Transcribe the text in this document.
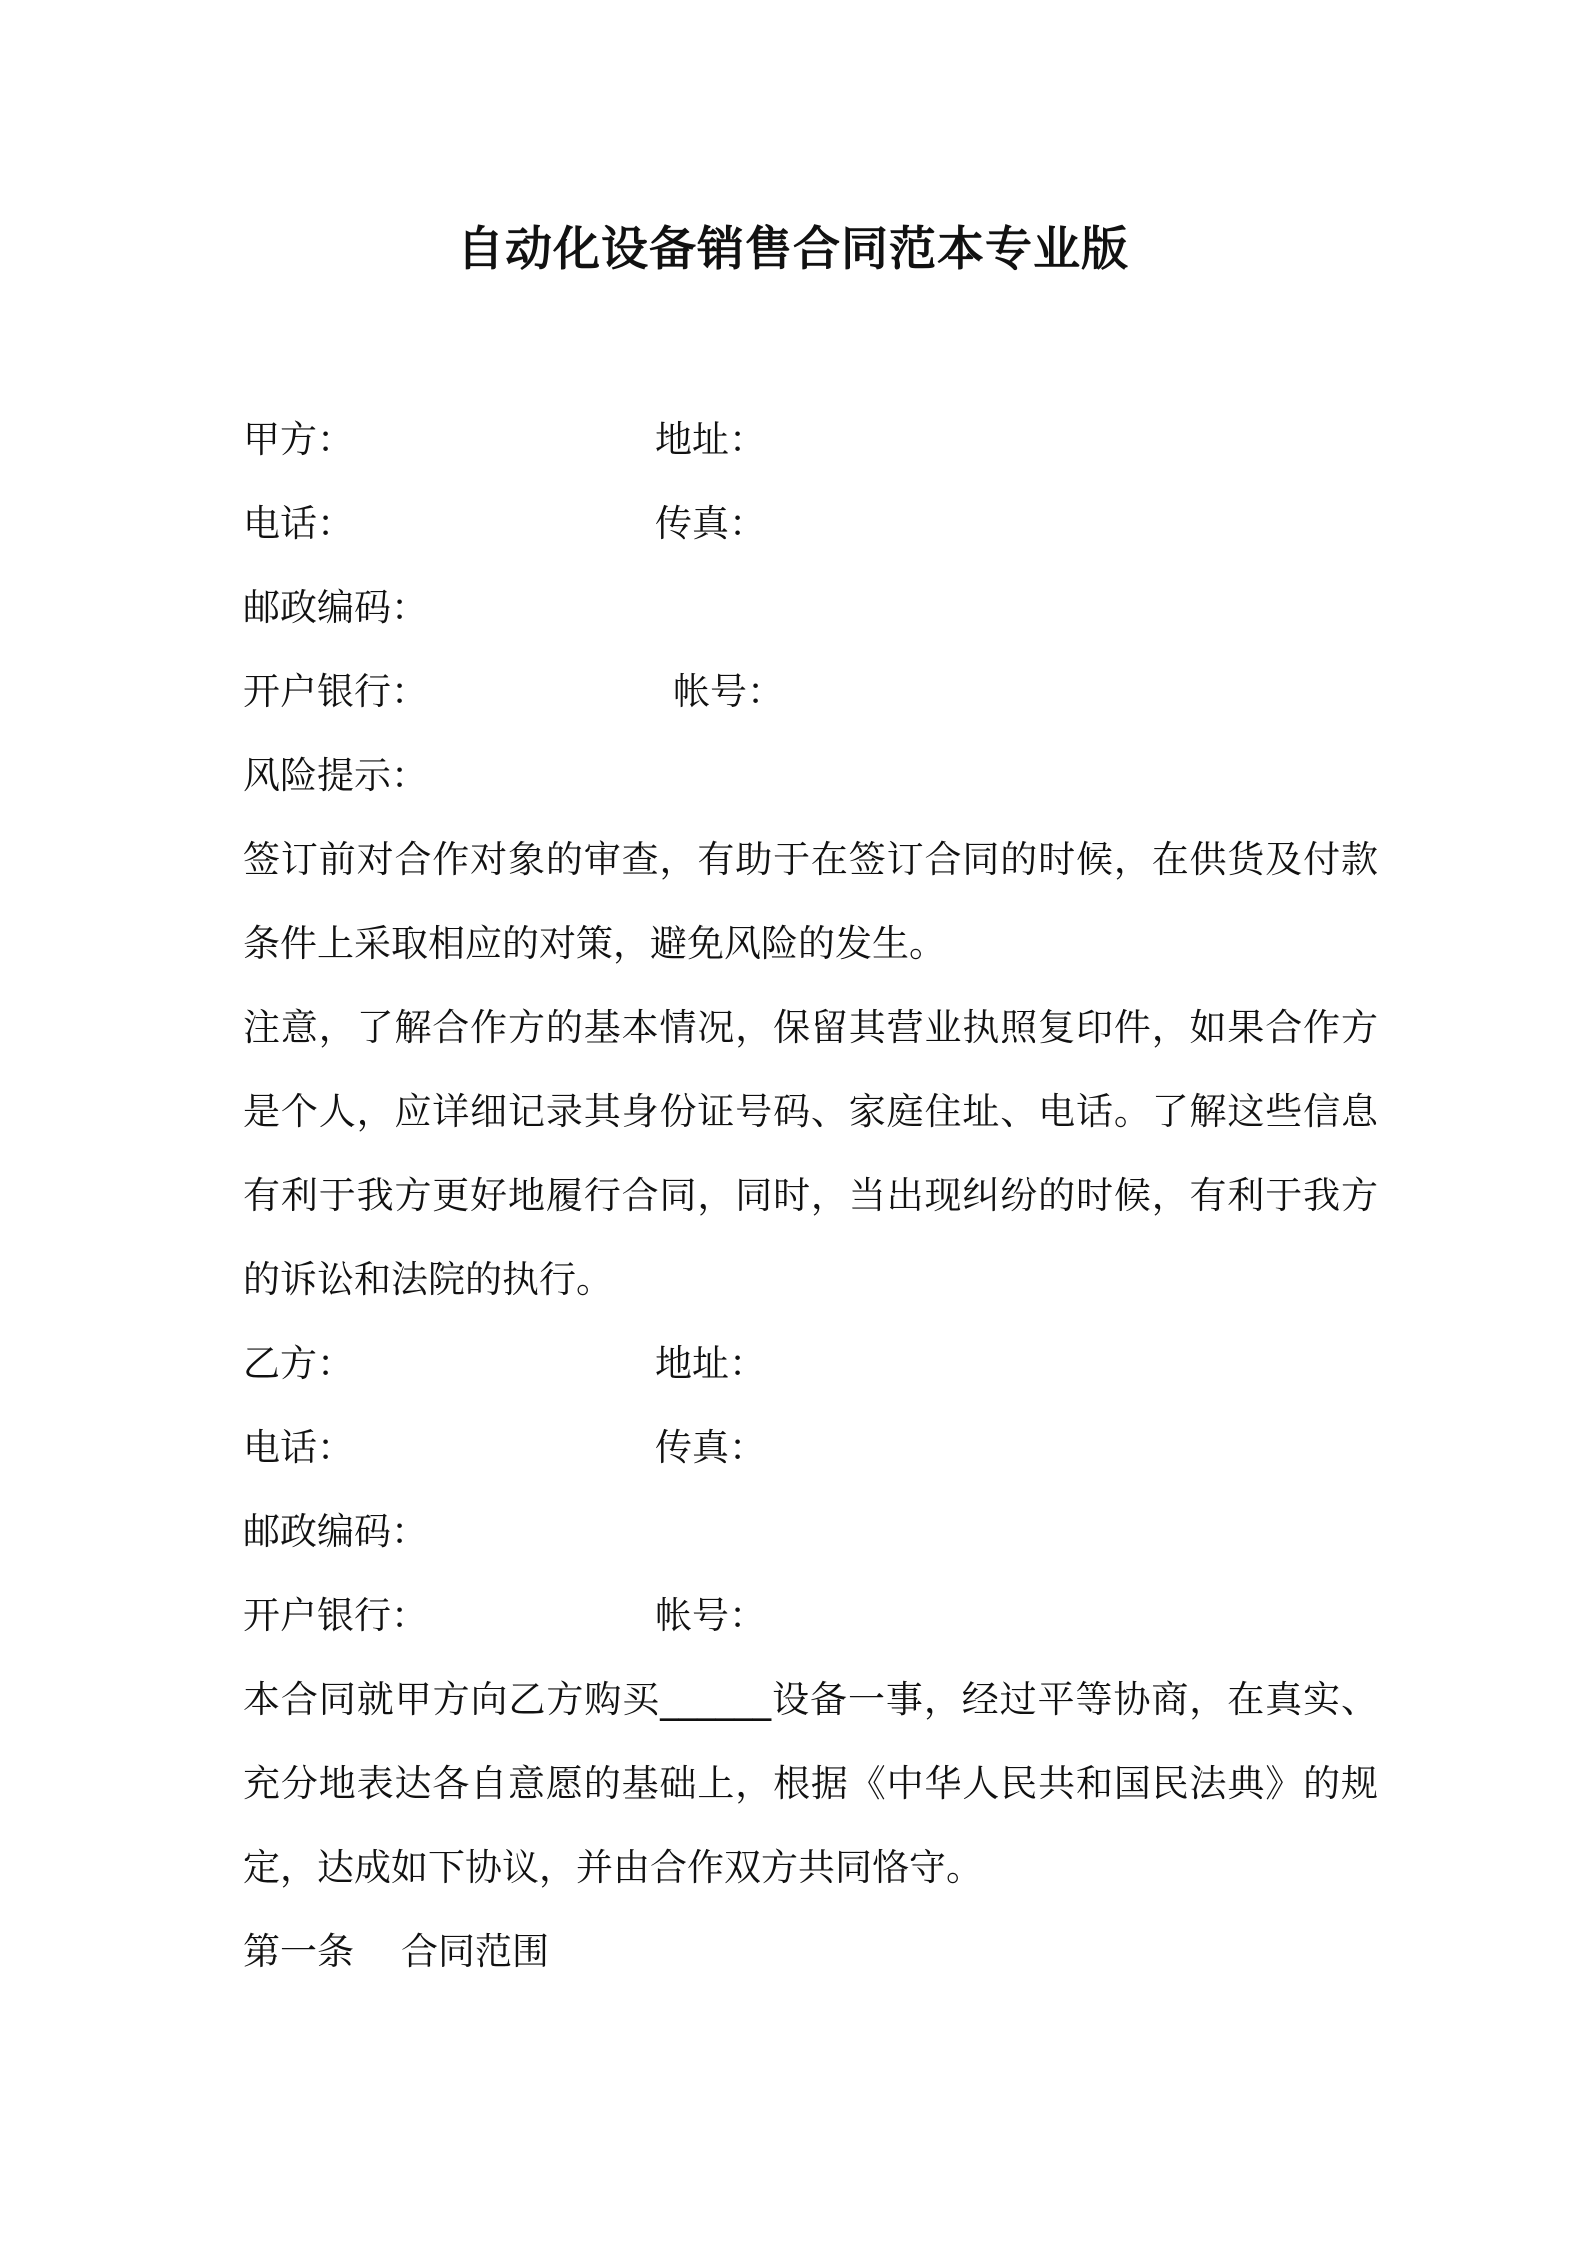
自动化设备销售合同范本专业版
甲方：	地址：
电话：	传真：
邮政编码：
开户银行：	帐号：
风险提示：
签订前对合作对象的审查，有助于在签订合同的时候，在供货及付款条件上采取相应的对策，避免风险的发生。
注意，了解合作方的基本情况，保留其营业执照复印件，如果合作方是个人，应详细记录其身份证号码、家庭住址、电话。了解这些信息有利于我方更好地履行合同，同时，当出现纠纷的时候，有利于我方的诉讼和法院的执行。
乙方：	地址：
电话：	传真：
邮政编码：
开户银行：	帐号：
本合同就甲方向乙方购买______设备一事，经过平等协商，在真实、充分地表达各自意愿的基础上，根据《中华人民共和国民法典》的规定，达成如下协议，并由合作双方共同恪守。
第一条    合同范围
